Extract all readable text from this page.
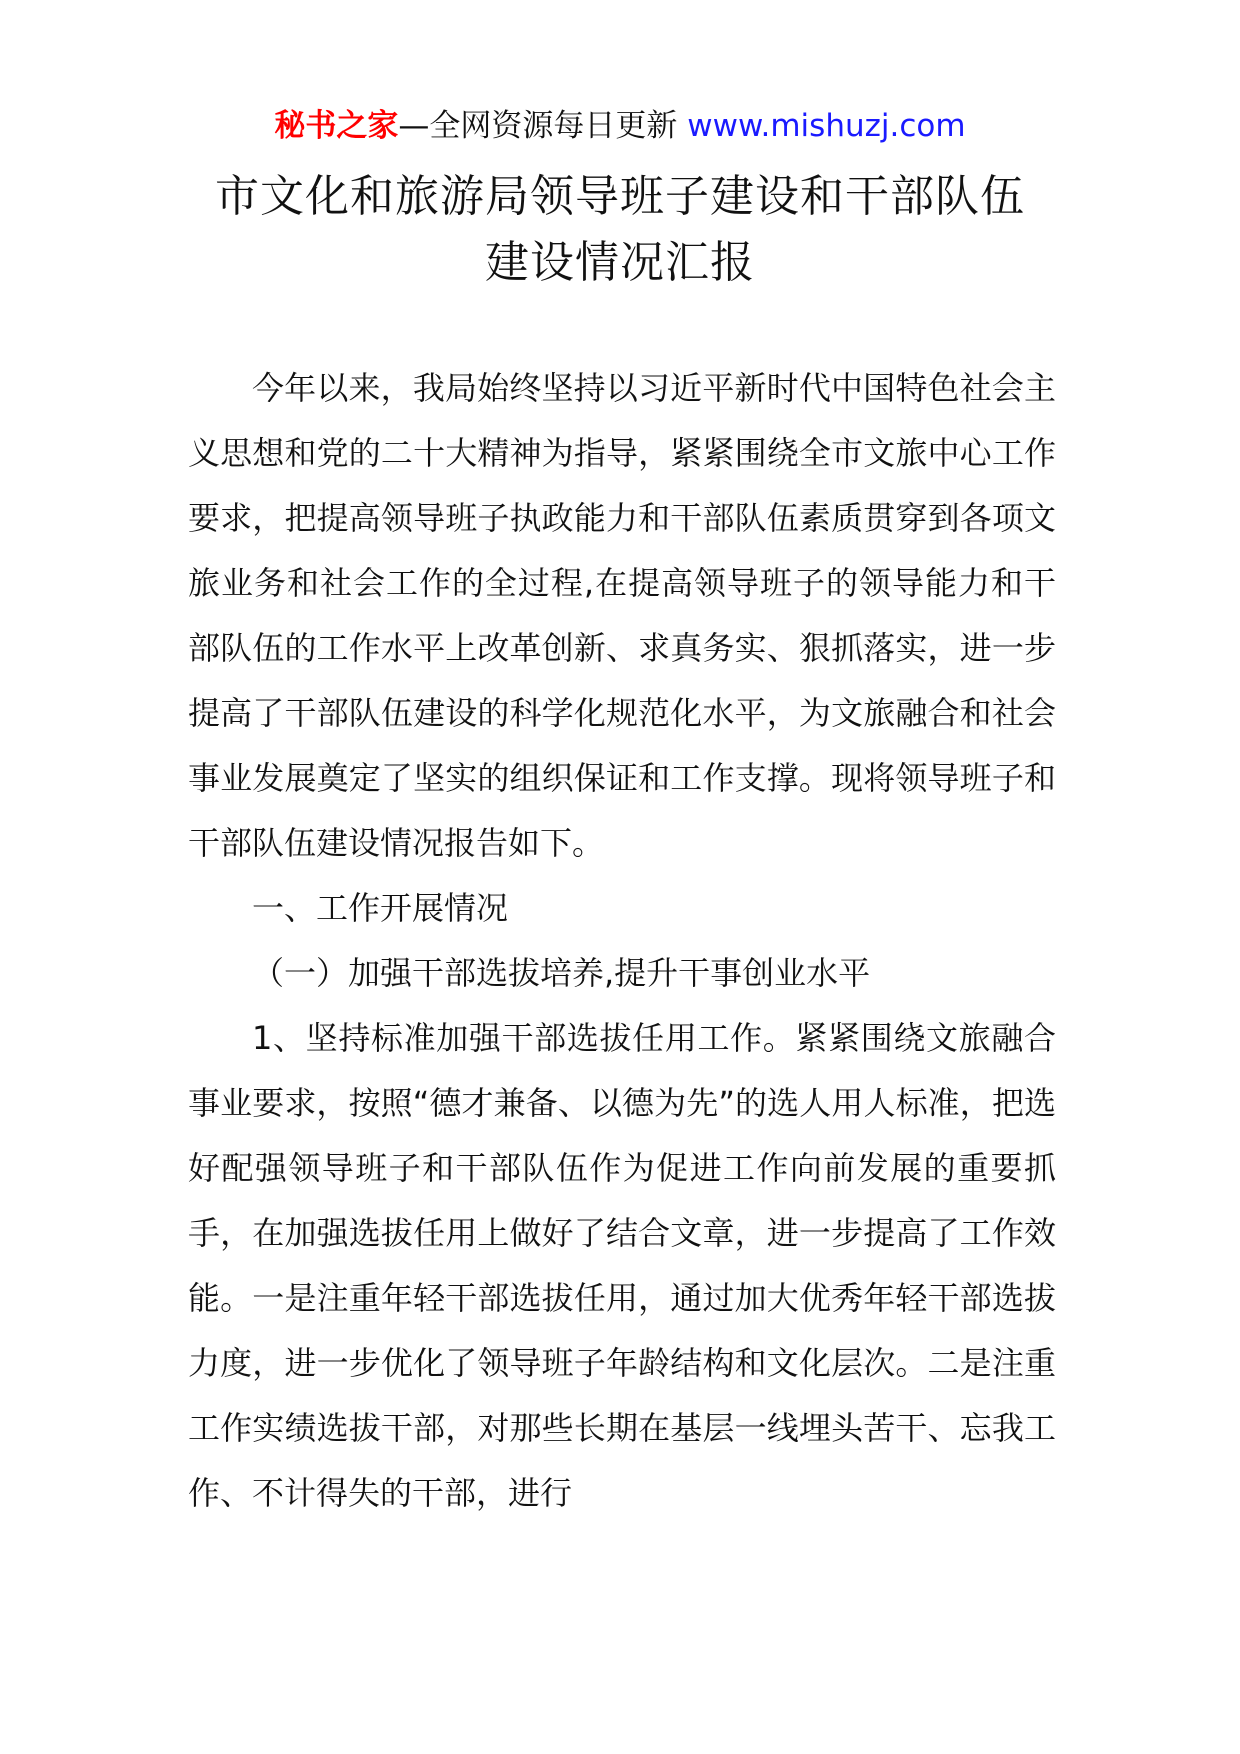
秘书之家—全网资源每日更新 www.mishuzj.com
市文化和旅游局领导班子建设和干部队伍
建设情况汇报

今年以来，我局始终坚持以习近平新时代中国特色社会主义思想和党的二十大精神为指导，紧紧围绕全市文旅中心工作要求，把提高领导班子执政能力和干部队伍素质贯穿到各项文旅业务和社会工作的全过程,在提高领导班子的领导能力和干部队伍的工作水平上改革创新、求真务实、狠抓落实，进一步提高了干部队伍建设的科学化规范化水平，为文旅融合和社会事业发展奠定了坚实的组织保证和工作支撑。现将领导班子和干部队伍建设情况报告如下。

一、工作开展情况

（一）加强干部选拔培养,提升干事创业水平

1、坚持标准加强干部选拔任用工作。紧紧围绕文旅融合事业要求，按照“德才兼备、以德为先”的选人用人标准，把选好配强领导班子和干部队伍作为促进工作向前发展的重要抓手，在加强选拔任用上做好了结合文章，进一步提高了工作效能。一是注重年轻干部选拔任用，通过加大优秀年轻干部选拔力度，进一步优化了领导班子年龄结构和文化层次。二是注重工作实绩选拔干部，对那些长期在基层一线埋头苦干、忘我工作、不计得失的干部，进行
